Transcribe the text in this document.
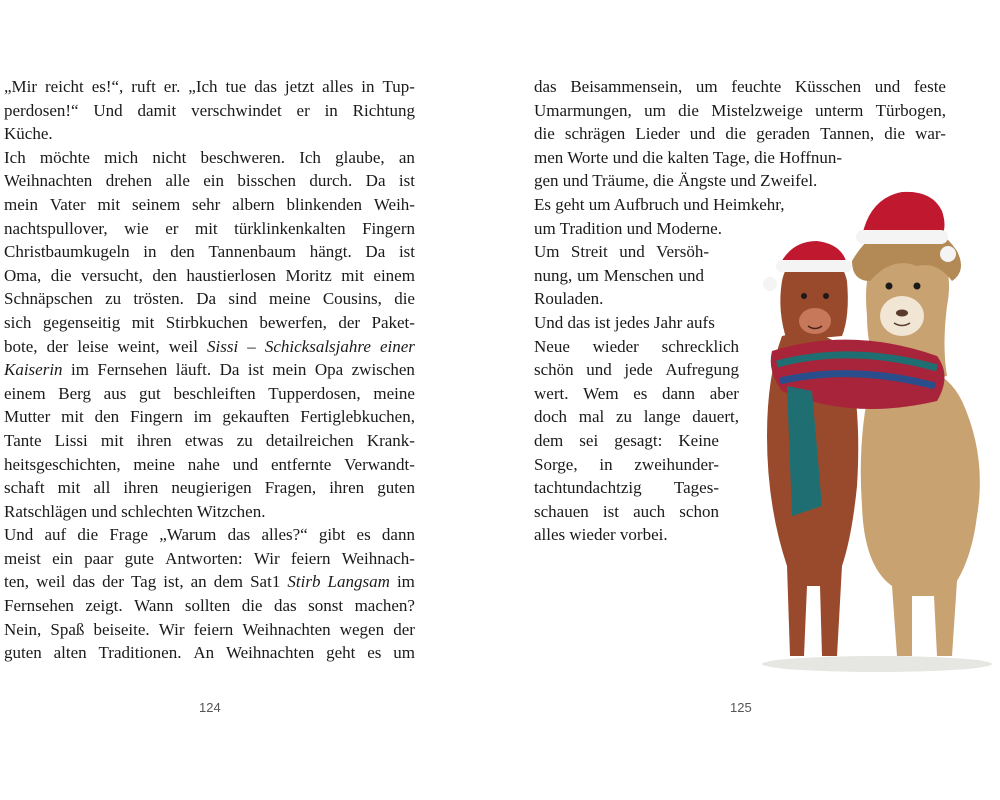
„Mir reicht es!“, ruft er. „Ich tue das jetzt alles in Tup-
perdosen!“ Und damit verschwindet er in Richtung
Küche.
Ich möchte mich nicht beschweren. Ich glaube, an
Weihnachten drehen alle ein bisschen durch. Da ist
mein Vater mit seinem sehr albern blinkenden Weih-
nachtspullover, wie er mit türklinkenkalten Fingern
Christbaumkugeln in den Tannenbaum hängt. Da ist
Oma, die versucht, den haustierlosen Moritz mit einem
Schnäpschen zu trösten. Da sind meine Cousins, die
sich gegenseitig mit Stirbkuchen bewerfen, der Paket-
bote, der leise weint, weil Sissi – Schicksalsjahre einer
Kaiserin im Fernsehen läuft. Da ist mein Opa zwischen
einem Berg aus gut beschleiften Tupperdosen, meine
Mutter mit den Fingern im gekauften Fertiglebkuchen,
Tante Lissi mit ihren etwas zu detailreichen Krank-
heitsgeschichten, meine nahe und entfernte Verwandt-
schaft mit all ihren neugierigen Fragen, ihren guten
Ratschlägen und schlechten Witzchen.
Und auf die Frage „Warum das alles?“ gibt es dann
meist ein paar gute Antworten: Wir feiern Weihnach-
ten, weil das der Tag ist, an dem Sat1 Stirb Langsam im
Fernsehen zeigt. Wann sollten die das sonst machen?
Nein, Spaß beiseite. Wir feiern Weihnachten wegen der
guten alten Traditionen. An Weihnachten geht es um
124
das Beisammensein, um feuchte Küsschen und feste
Umarmungen, um die Mistelzweige unterm Türbogen,
die schrägen Lieder und die geraden Tannen, die war-
men Worte und die kalten Tage, die Hoffnun-
gen und Träume, die Ängste und Zweifel.
Es geht um Aufbruch und Heimkehr,
um Tradition und Moderne.
Um Streit und Versöh-
nung, um Menschen und
Rouladen.
Und das ist jedes Jahr aufs
Neue wieder schrecklich
schön und jede Aufregung
wert. Wem es dann aber
doch mal zu lange dauert,
dem sei gesagt: Keine
Sorge, in zweihunder-
tachtundachtzig Tages-
schauen ist auch schon
alles wieder vorbei.
125
